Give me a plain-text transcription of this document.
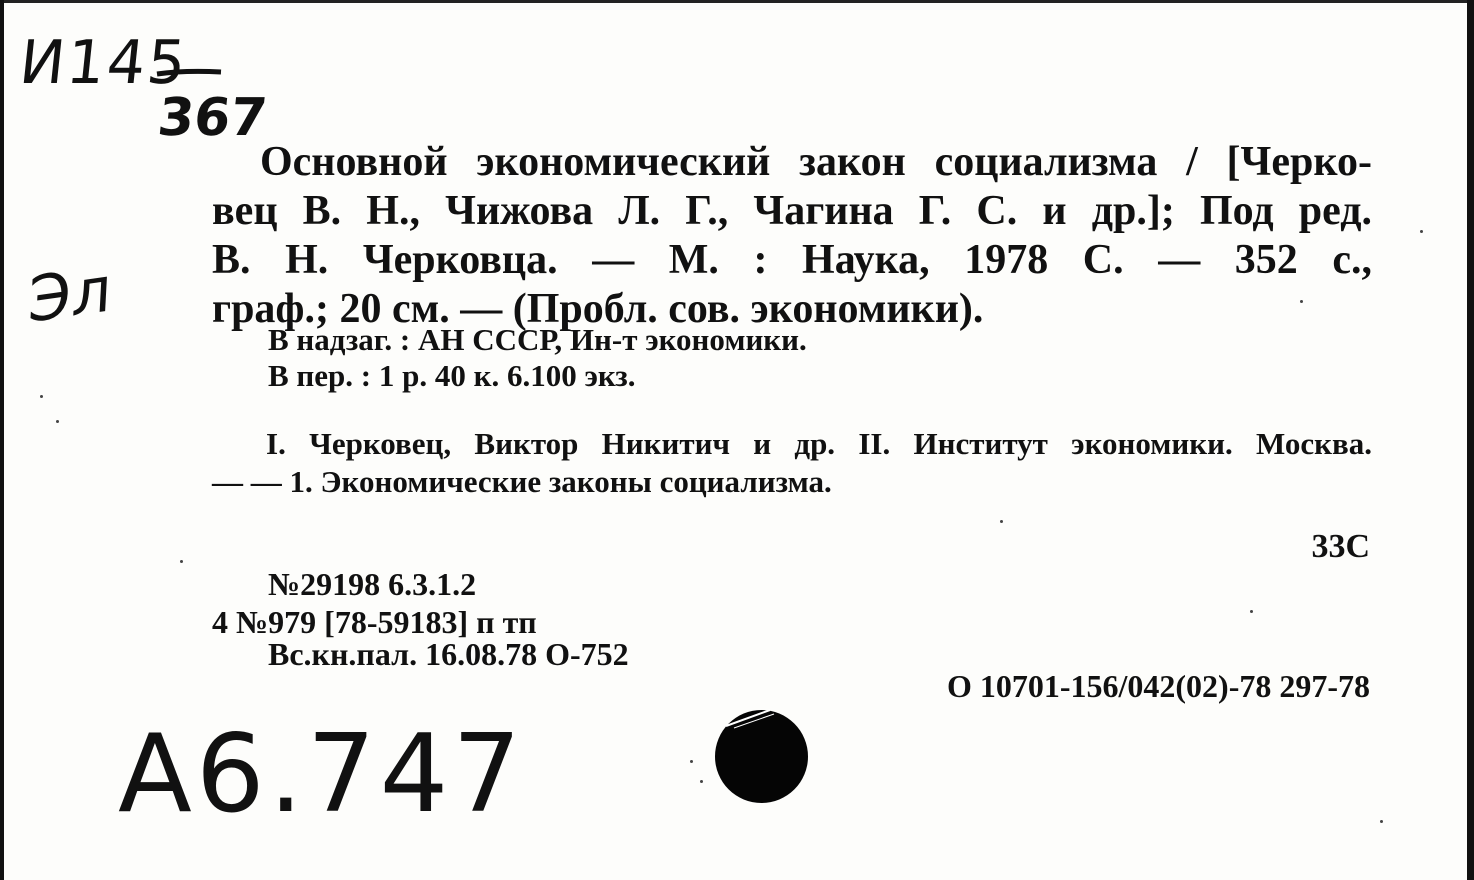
И145
367
Эл
A6.747
Основной экономический закон социализма / [Черко-
вец В. Н., Чижова Л. Г., Чагина Г. С. и др.]; Под ред.
В. Н. Черковца. — М. : Наука, 1978 С. — 352 с.,
граф.; 20 см. — (Пробл. сов. экономики).
В надзаг. : АН СССР, Ин-т экономики.
В пер. : 1 р. 40 к. 6.100 экз.
I. Черковец, Виктор Никитич и др. II. Институт экономики. Москва.
— — 1. Экономические законы социализма.
33С
№29198 6.3.1.2
4 №979 [78-59183] п тп
Вс.кн.пал. 16.08.78 О-752
О 10701-156/042(02)-78 297-78
